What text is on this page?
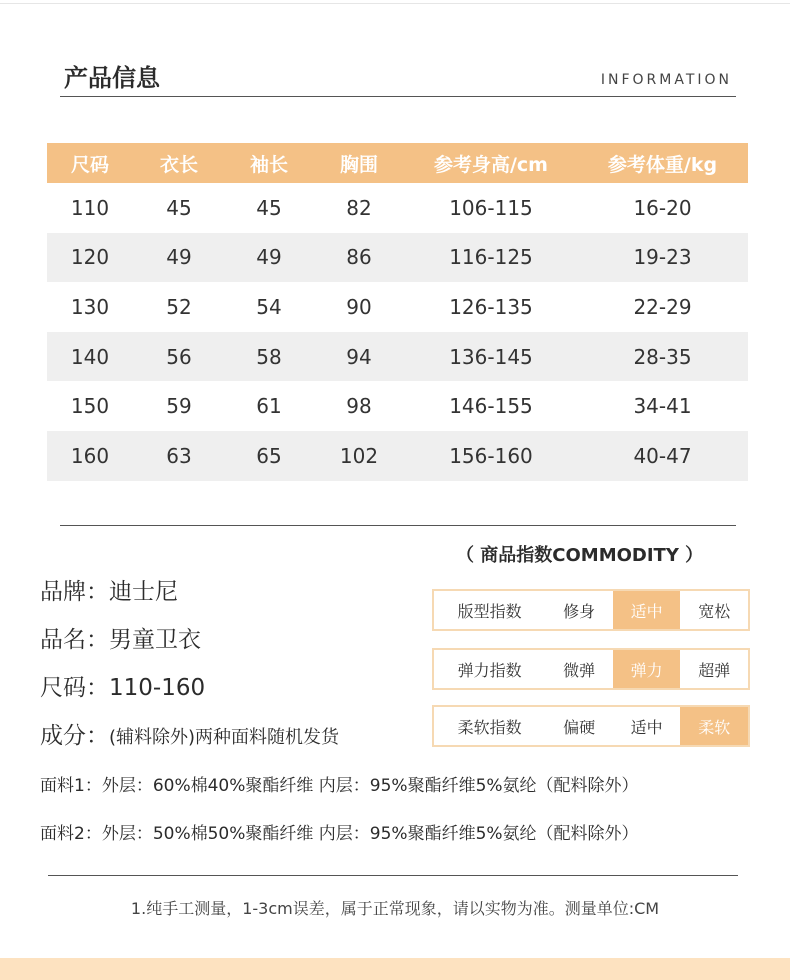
产品信息	INFORMATION
尺码	衣长	袖长	胸围	参考身高/cm	参考体重/kg
110	45	45	82	106-115	16-20
120	49	49	86	116-125	19-23
130	52	54	90	126-135	22-29
140	56	58	94	136-145	28-35
150	59	61	98	146-155	34-41
160	63	65	102	156-160	40-47
（ 商品指数COMMODITY ）
品牌：迪士尼
品名：男童卫衣
尺码：110-160
成分：(辅料除外)两种面料随机发货
版型指数	修身	适中	宽松
弹力指数	微弹	弹力	超弹
柔软指数	偏硬	适中	柔软
面料1：外层：60%棉40%聚酯纤维 内层：95%聚酯纤维5%氨纶（配料除外）
面料2：外层：50%棉50%聚酯纤维 内层：95%聚酯纤维5%氨纶（配料除外）
1.纯手工测量，1-3cm误差，属于正常现象，请以实物为准。测量单位:CM
